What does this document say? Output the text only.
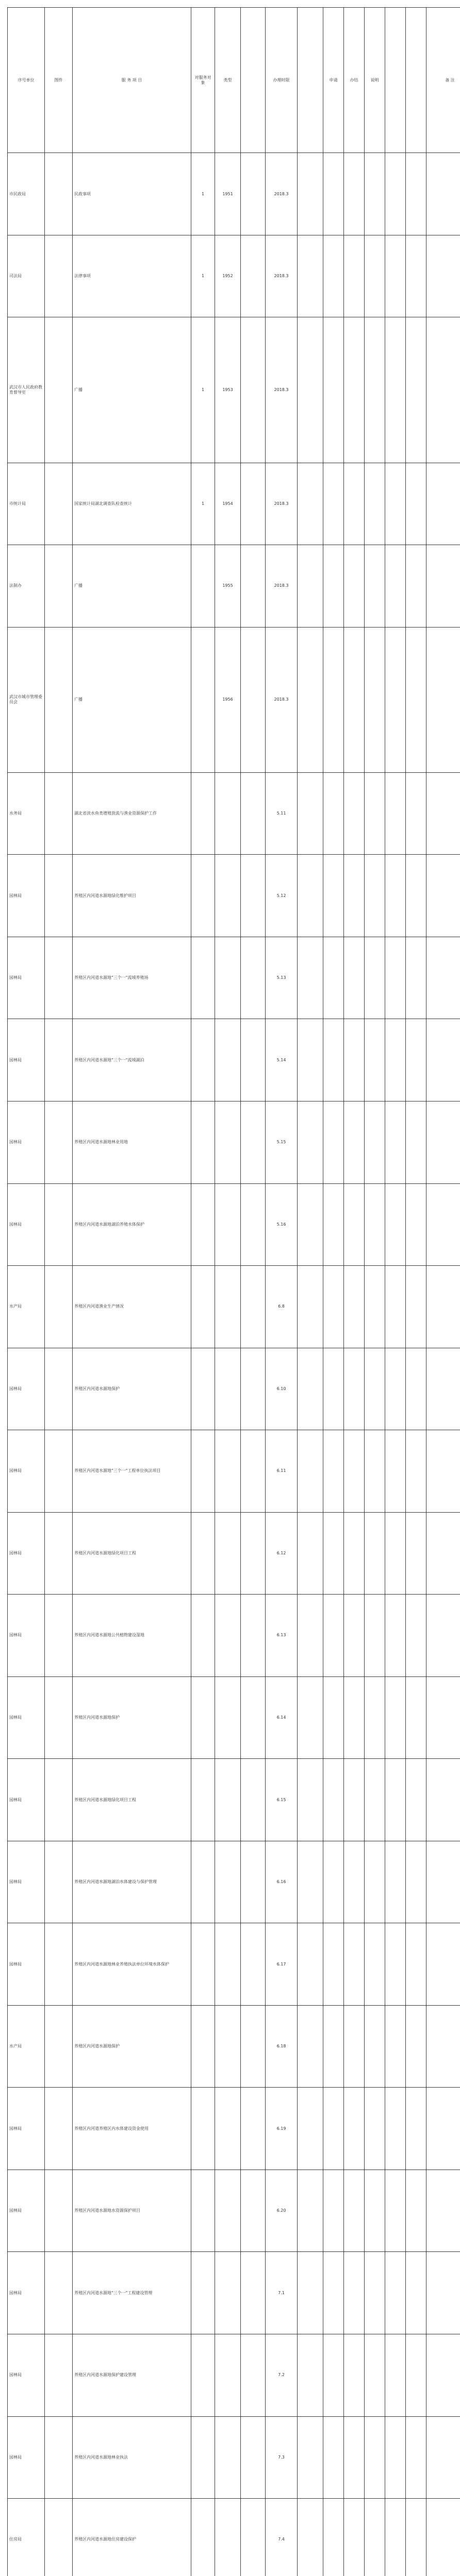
序号单位	图件	服 务 项 目	对服务对象	类型		办理时限		申请	办结	说明			备 注
市民政局		民政事项	1	1951		2018.3							
司法局		法律事项	1	1952		2018.3							
武汉市人民政府教育督导室		广播	1	1953		2018.3							
市统计局		国家统计局湖北调查队检查统计	1	1954		2018.3							
法制办		广播		1955		2018.3							
武汉市城市管理委员会		广播		1956		2018.3							
水务局		湖北省淡水鱼类增殖放流与渔业资源保护工作				5.11							
园林局		养殖区内河道水源地绿化维护项目				5.12							
园林局		养殖区内河道水源地"三个一"流域养殖场				5.13							
园林局		养殖区内河道水源地"三个一"流域湖泊				5.14							
园林局		养殖区内河道水源地林业用地				5.15							
园林局		养殖区内河道水源地湖泊养殖水体保护				5.16							
水产局		养殖区内河道渔业生产情况				6.8							
园林局		养殖区内河道水源地保护				6.10							
园林局		养殖区内河道水源地"三个一"工程单位执法项目				6.11							
园林局		养殖区内河道水源地绿化项目工程				6.12							
园林局		养殖区内河道水源地公共植物建设湿地				6.13							
园林局		养殖区内河道水源地保护				6.14							
园林局		养殖区内河道水源地绿化项目工程				6.15							
园林局		养殖区内河道水源地湖泊水体建设与保护管理				6.16							
园林局		养殖区内河道水源地林业养殖执法单位环境水体保护				6.17							
水产局		养殖区内河道水源地保护				6.18							
园林局		养殖区内河道养殖区内水体建设资金使用				6.19							
园林局		养殖区内河道水源地水资源保护项目				6.20							
园林局		养殖区内河道水源地"三个一"工程建设管理				7.1							
园林局		养殖区内河道水源地保护建设管理				7.2							
园林局		养殖区内河道水源地林业执法				7.3							
住房局		养殖区内河道水源地住房建设保护				7.4							
